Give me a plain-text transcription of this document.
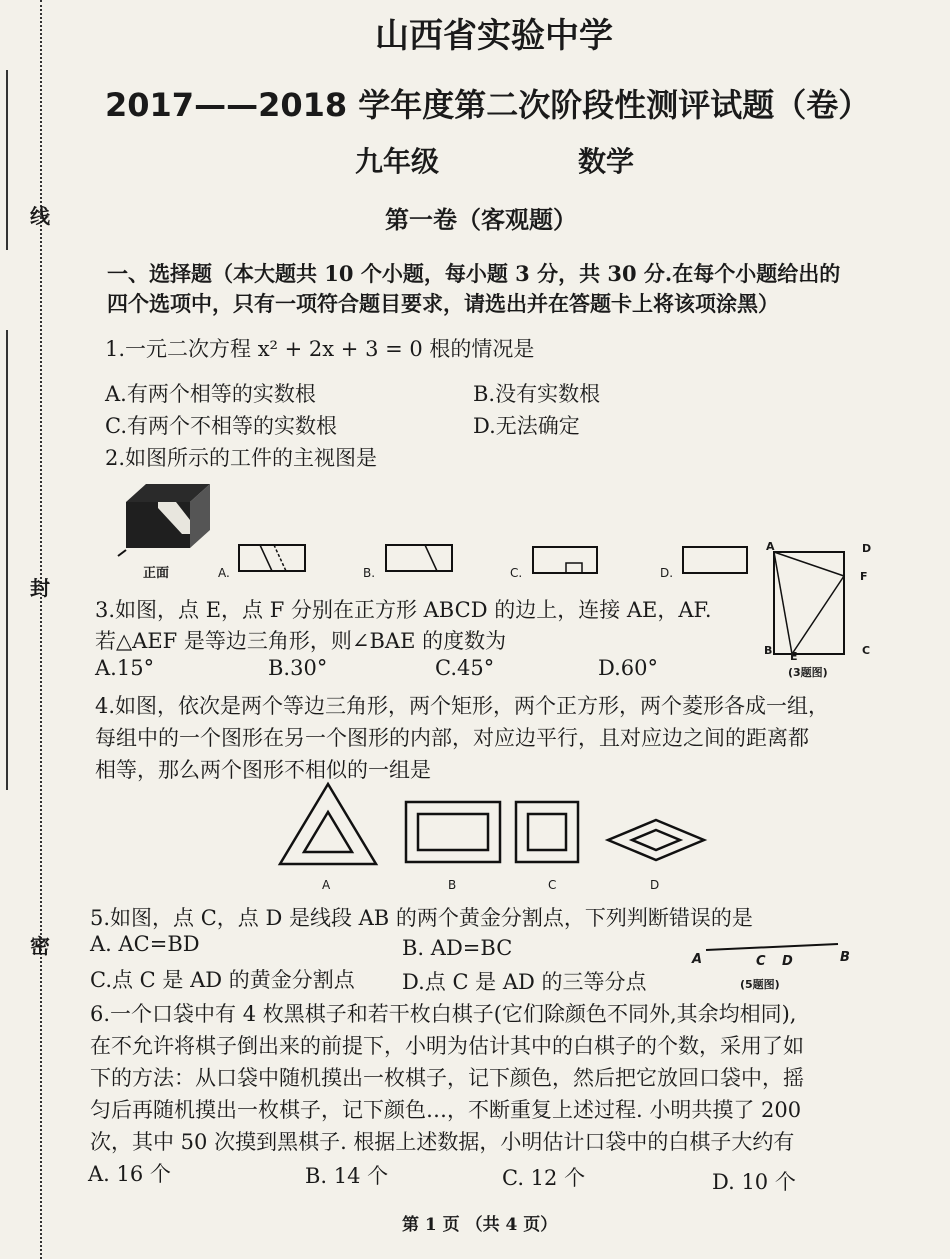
线
封
密
山西省实验中学
2017——2018 学年度第二次阶段性测评试题（卷）
九年级	数学
第一卷（客观题）
一、选择题（本大题共 10 个小题，每小题 3 分，共 30 分.在每个小题给出的
四个选项中，只有一项符合题目要求，请选出并在答题卡上将该项涂黑）
1.一元二次方程 x² + 2x + 3 = 0 根的情况是
A.有两个相等的实数根	B.没有实数根
C.有两个不相等的实数根	D.无法确定
2.如图所示的工件的主视图是
正面	A.	B.	C.	D.
A	D
F
B E	C
(3题图)
3.如图，点 E，点 F 分别在正方形 ABCD 的边上，连接 AE，AF.
若△AEF 是等边三角形，则∠BAE 的度数为
A.15°	B.30°	C.45°	D.60°
4.如图，依次是两个等边三角形，两个矩形，两个正方形，两个菱形各成一组，
每组中的一个图形在另一个图形的内部，对应边平行，且对应边之间的距离都
相等，那么两个图形不相似的一组是
A	B	C	D
5.如图，点 C，点 D 是线段 AB 的两个黄金分割点，下列判断错误的是
A. AC=BD	B. AD=BC
C.点 C 是 AD 的黄金分割点 D.点 C 是 AD 的三等分点
A	C D	B
(5题图)
6.一个口袋中有 4 枚黑棋子和若干枚白棋子(它们除颜色不同外,其余均相同),
在不允许将棋子倒出来的前提下，小明为估计其中的白棋子的个数，采用了如
下的方法：从口袋中随机摸出一枚棋子，记下颜色，然后把它放回口袋中，摇
匀后再随机摸出一枚棋子，记下颜色…，不断重复上述过程. 小明共摸了 200
次，其中 50 次摸到黑棋子. 根据上述数据，小明估计口袋中的白棋子大约有
A. 16 个	B. 14 个	C. 12 个	D. 10 个
第 1 页 （共 4 页）
